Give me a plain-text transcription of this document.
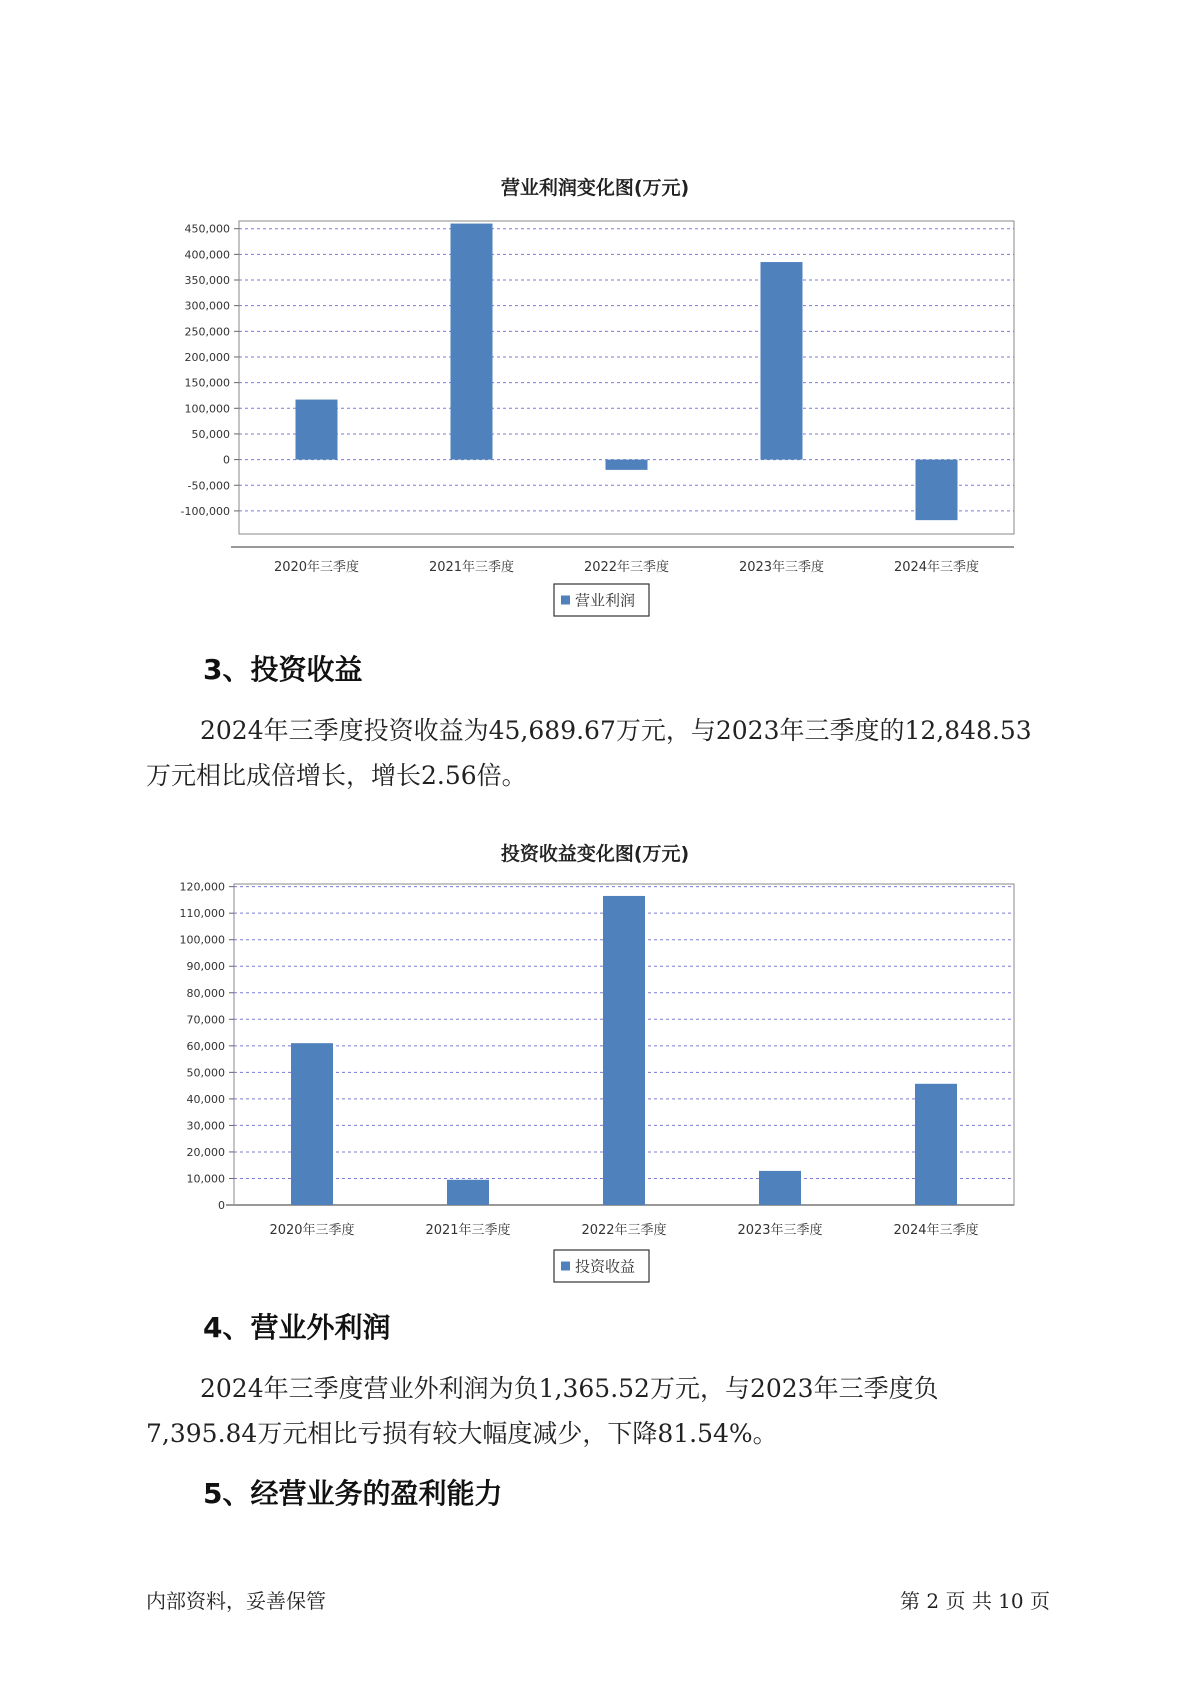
营业利润变化图(万元)
450,000
400,000
350,000
300,000
250,000
200,000
150,000
100,000
50,000
0
-50,000
-100,000
2020年三季度	2021年三季度	2022年三季度	2023年三季度	2024年三季度
营业利润
投资收益变化图(万元)
120,000
110,000
100,000
90,000
80,000
70,000
60,000
50,000
40,000
30,000
20,000
10,000
0
2020年三季度	2021年三季度	2022年三季度	2023年三季度	2024年三季度
投资收益
3、投资收益

2024年三季度投资收益为45,689.67万元，与2023年三季度的12,848.53
万元相比成倍增长，增长2.56倍。

4、营业外利润

2024年三季度营业外利润为负1,365.52万元，与2023年三季度负
7,395.84万元相比亏损有较大幅度减少，下降81.54%。

5、经营业务的盈利能力
内部资料，妥善保管	第 2 页 共 10 页
